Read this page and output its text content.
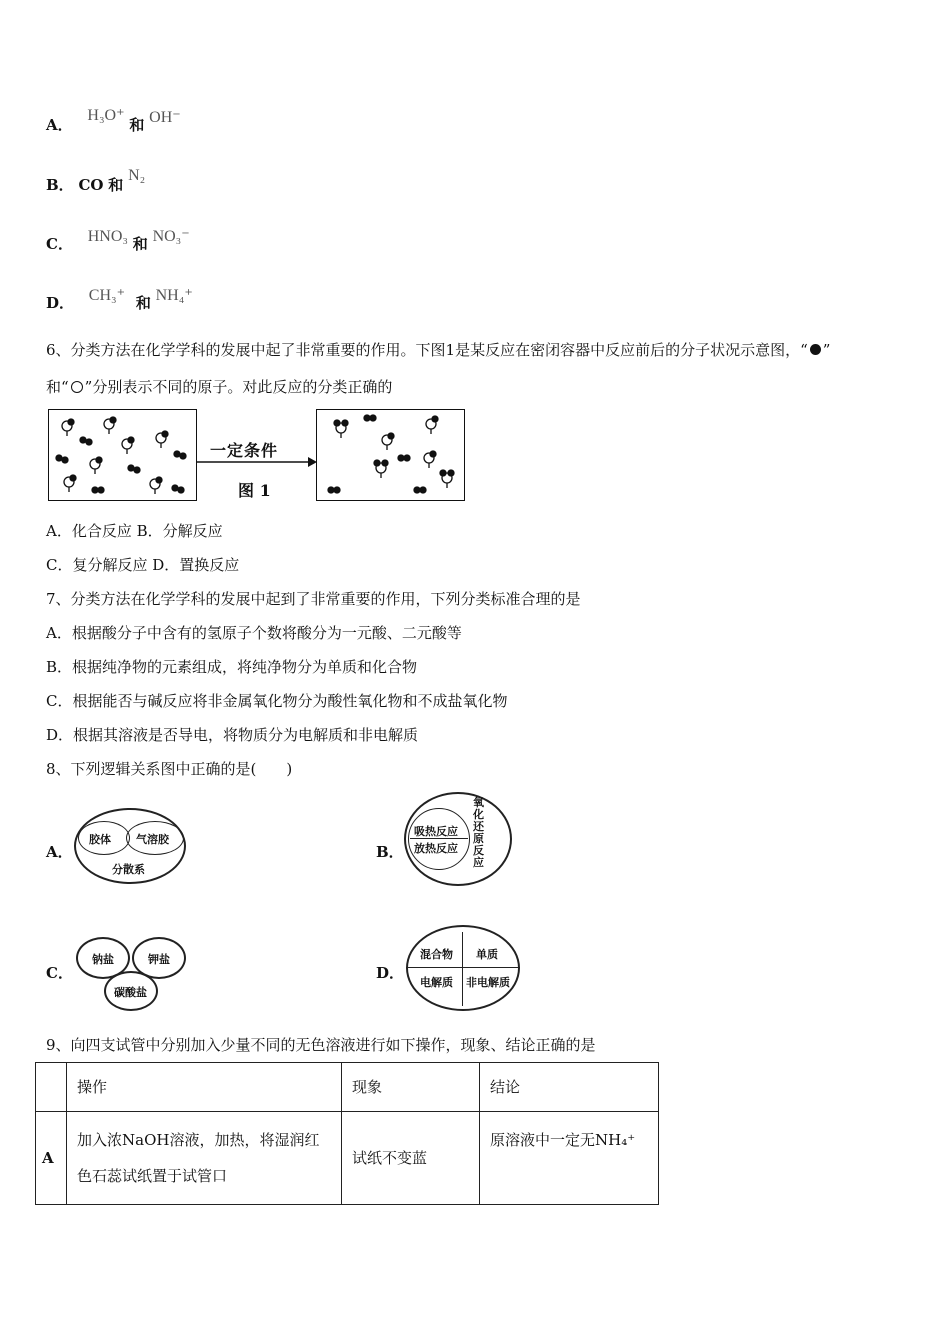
A． H₃O⁺ 和 OH⁻
B． CO 和 N₂
C． HNO₃ 和 NO₃⁻
D． CH₃⁺ 和 NH₄⁺
6、分类方法在化学学科的发展中起了非常重要的作用。下图1是某反应在密闭容器中反应前后的分子状况示意图，“ ”
和“ ”分别表示不同的原子。对此反应的分类正确的
一定条件
图 1
A．化合反应 B．分解反应
C．复分解反应 D．置换反应
7、分类方法在化学学科的发展中起到了非常重要的作用，下列分类标准合理的是
A．根据酸分子中含有的氢原子个数将酸分为一元酸、二元酸等
B．根据纯净物的元素组成，将纯净物分为单质和化合物
C．根据能否与碱反应将非金属氧化物分为酸性氧化物和不成盐氧化物
D．根据其溶液是否导电，将物质分为电解质和非电解质
8、下列逻辑关系图中正确的是(　　)
A．
胶体 气溶胶
分散系
B．
吸热反应
放热反应
氧化还原反应
C．
钠盐	钾盐
碳酸盐
D．
混合物 单质
电解质 非电解质
9、向四支试管中分别加入少量不同的无色溶液进行如下操作，现象、结论正确的是
	操作	现象	结论
A	加入浓NaOH溶液，加热，将湿润红色石蕊试纸置于试管口	试纸不变蓝	原溶液中一定无NH₄⁺
